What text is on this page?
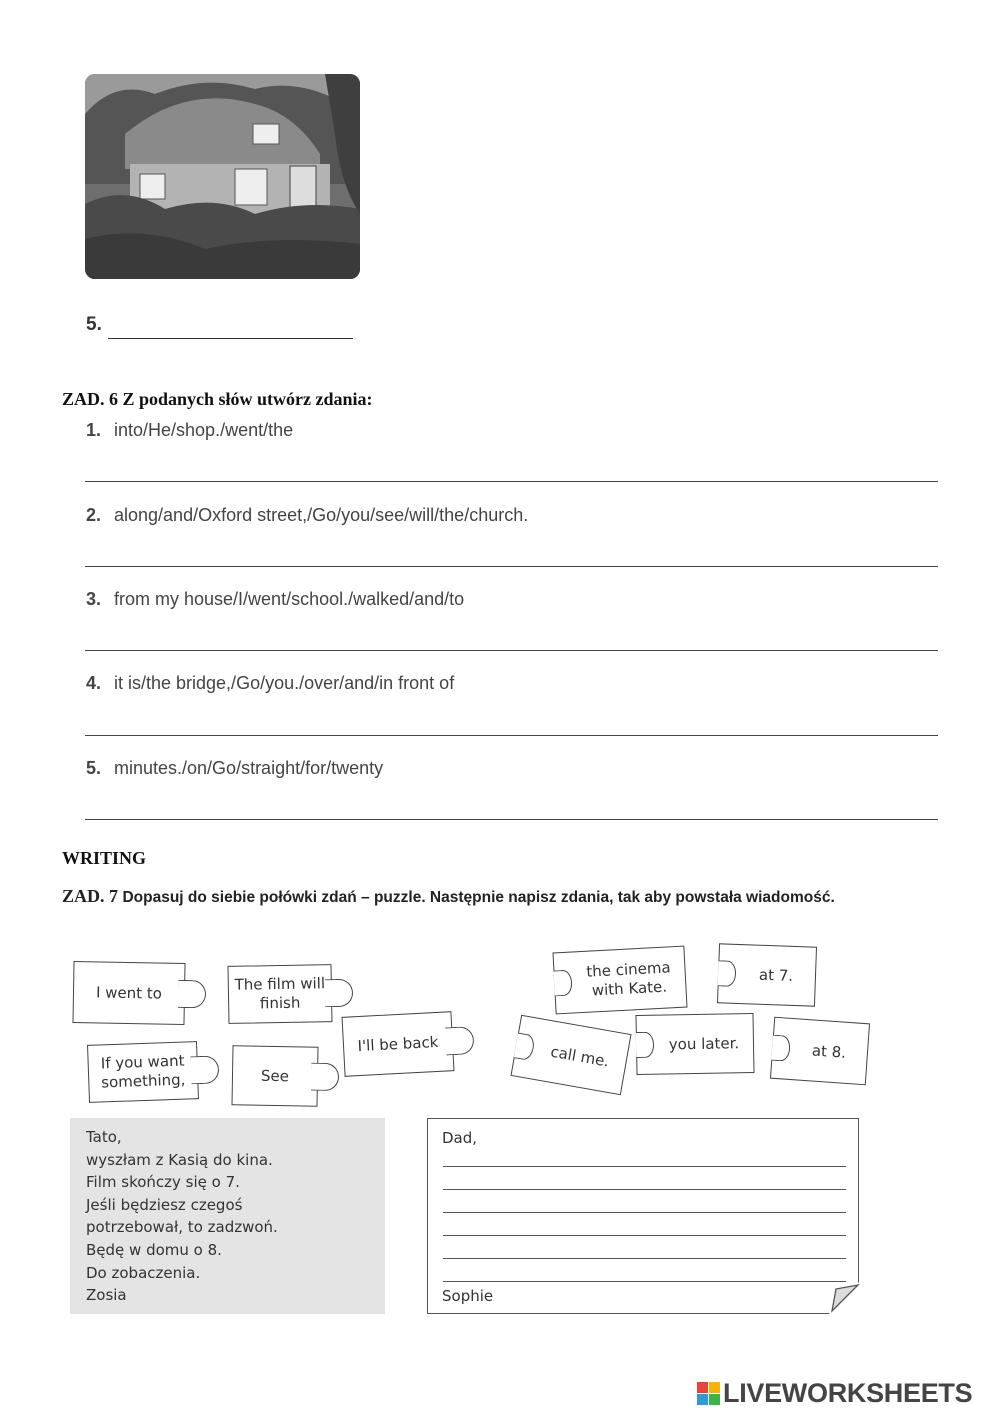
5.
ZAD. 6 Z podanych słów utwórz zdania:
1. into/He/shop./went/the
2. along/and/Oxford street,/Go/you/see/will/the/church.
3. from my house/I/went/school./walked/and/to
4. it is/the bridge,/Go/you./over/and/in front of
5. minutes./on/Go/straight/for/twenty
WRITING
ZAD. 7 Dopasuj do siebie połówki zdań – puzzle. Następnie napisz zdania, tak aby powstała wiadomość.
I went to	The film will finish
I'll be back
If you want something,	See
the cinema with Kate.
at 7.
call me.	you later.	at 8.
Tato,
wyszłam z Kasią do kina.
Film skończy się o 7.
Jeśli będziesz czegoś
potrzebował, to zadzwoń.
Będę w domu o 8.
Do zobaczenia.
Zosia
Dad,
Sophie
LIVEWORKSHEETS
